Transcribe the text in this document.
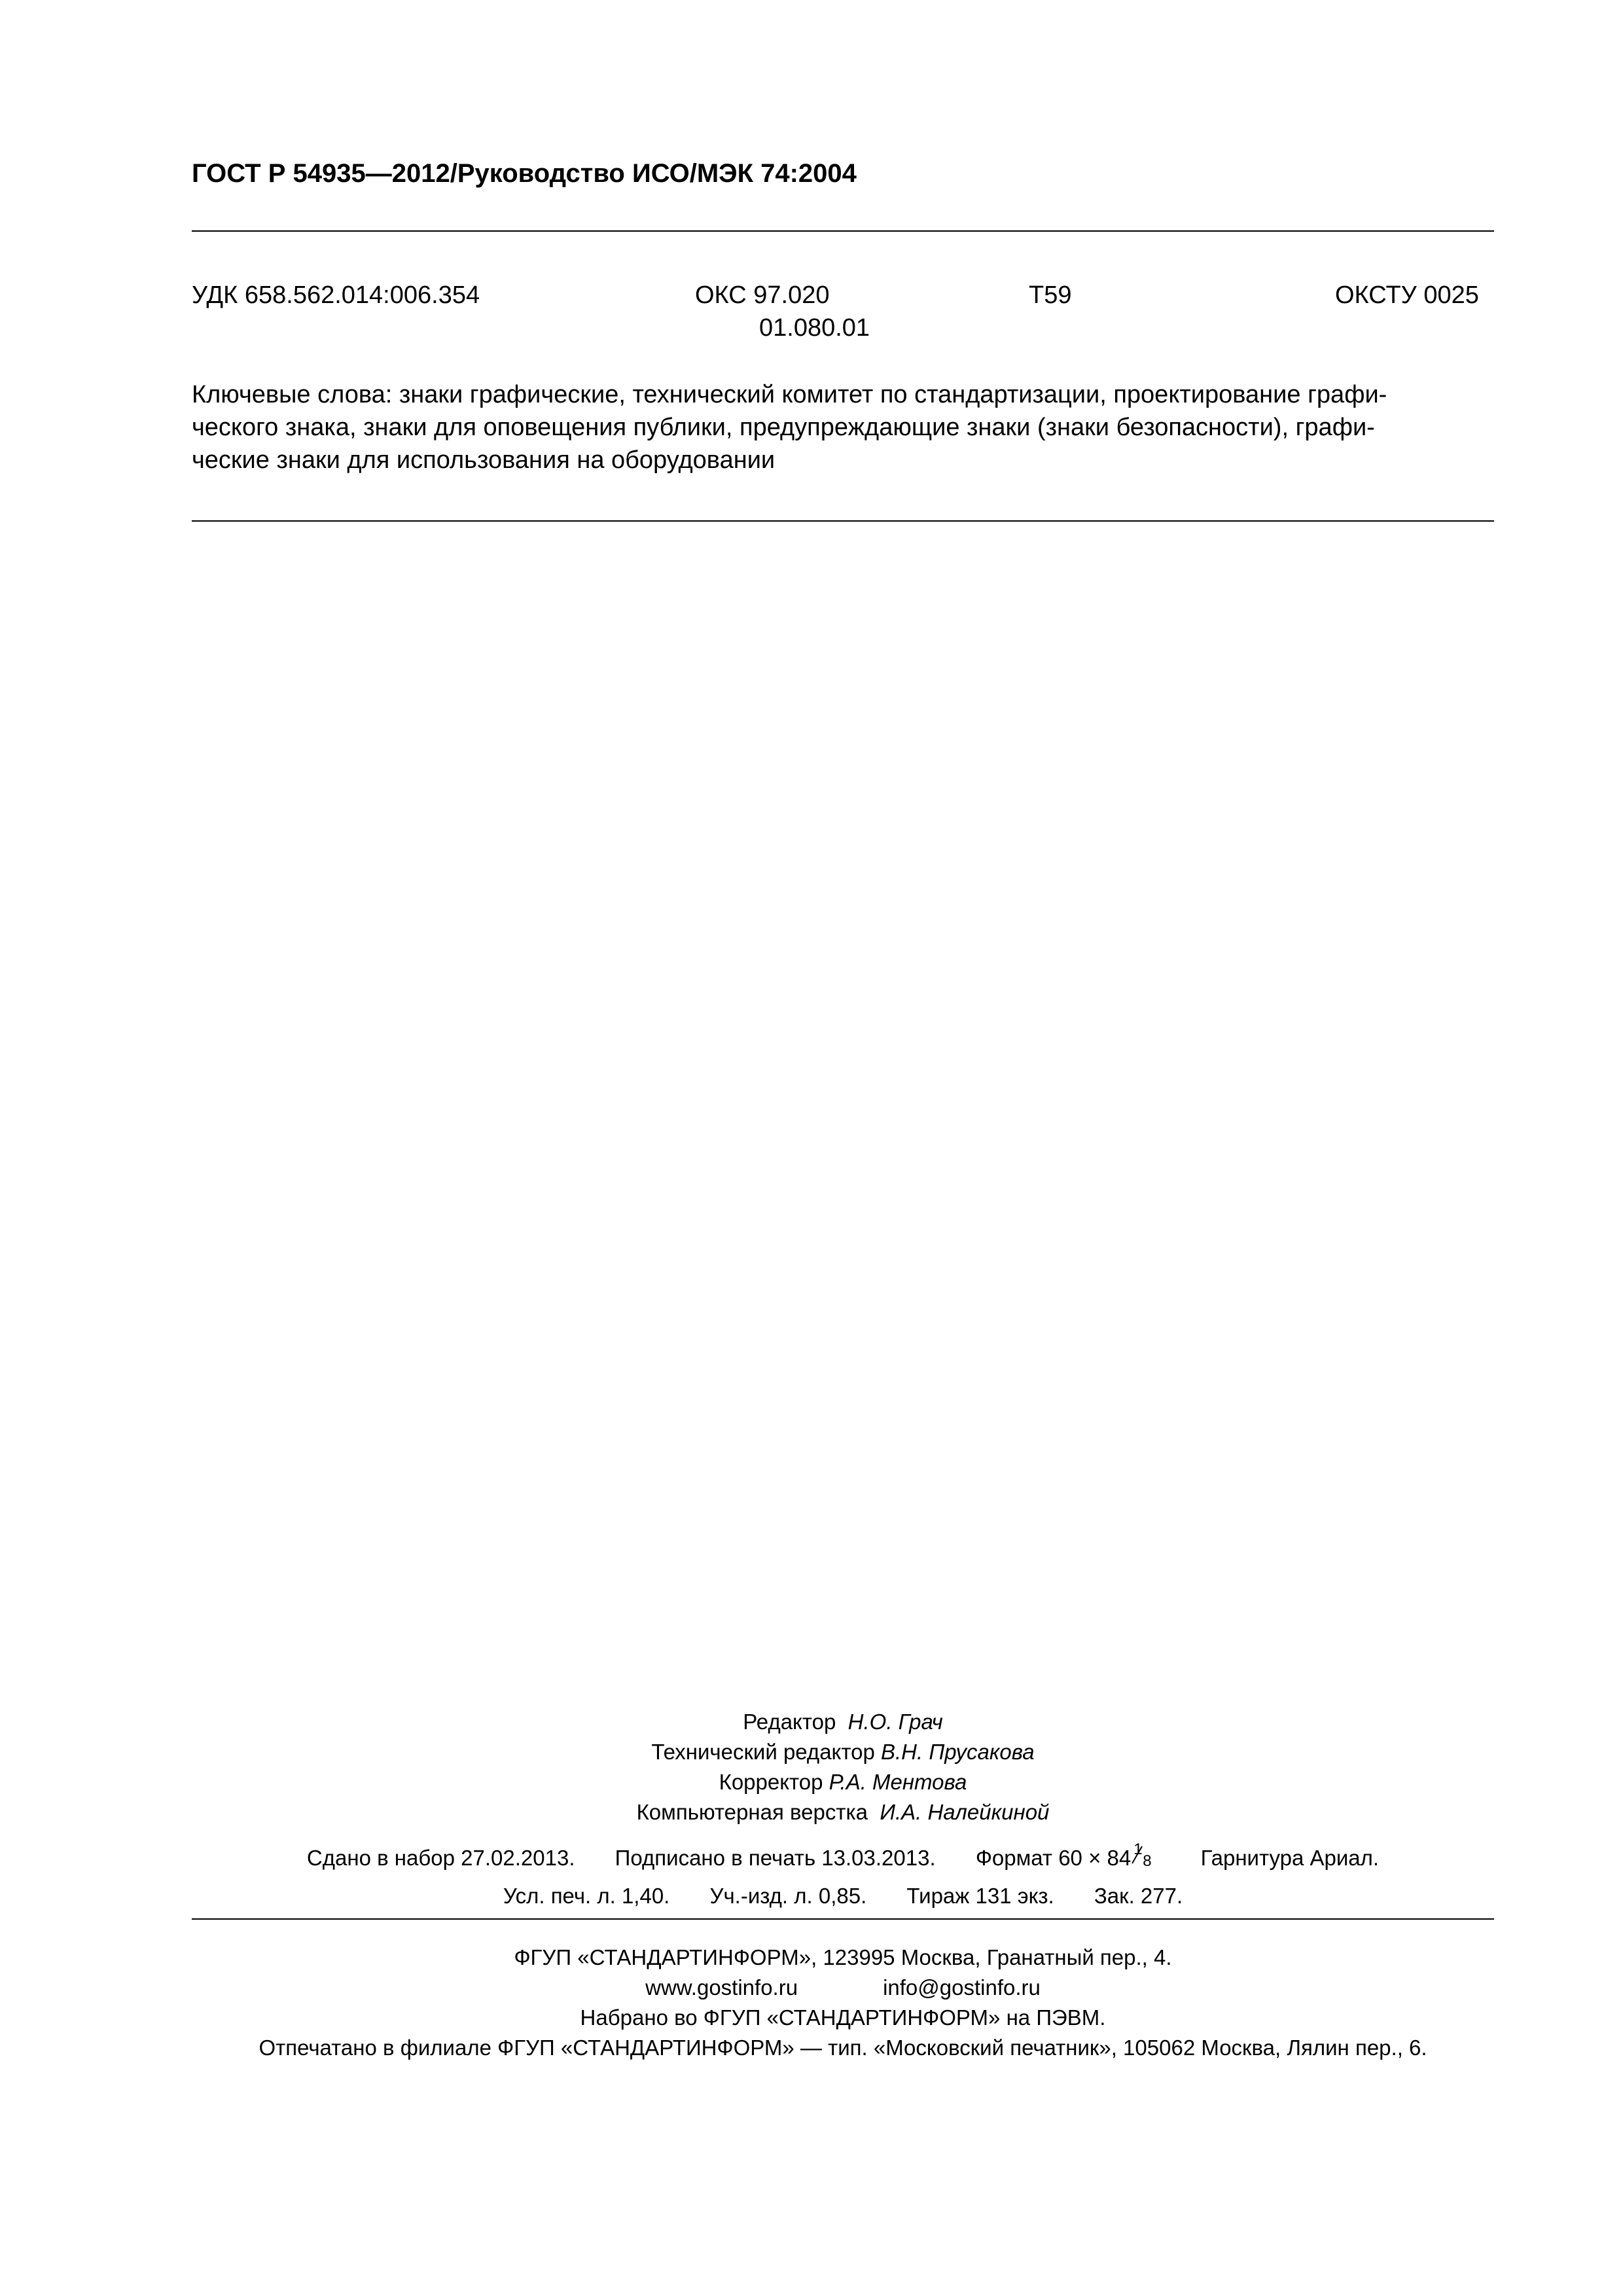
ГОСТ Р 54935—2012/Руководство ИСО/МЭК 74:2004
УДК 658.562.014:006.354	ОКС 97.020
01.080.01
Т59	ОКСТУ 0025
Ключевые слова: знаки графические, технический комитет по стандартизации, проектирование графи-
ческого знака, знаки для оповещения публики, предупреждающие знаки (знаки безопасности), графи-
ческие знаки для использования на оборудовании
Редактор Н.О. Грач
Технический редактор В.Н. Прусакова
Корректор Р.А. Ментова
Компьютерная верстка И.А. Налейкиной
Сдано в набор 27.02.2013. Подписано в печать 13.03.2013. Формат 60 × 84 1
8 Гарнитура Ариал.
Усл. печ. л. 1,40. Уч.-изд. л. 0,85. Тираж 131 экз. Зак. 277.
ФГУП «СТАНДАРТИНФОРМ», 123995 Москва, Гранатный пер., 4.
www.gostinfo.ru	info@gostinfo.ru
Набрано во ФГУП «СТАНДАРТИНФОРМ» на ПЭВМ.
Отпечатано в филиале ФГУП «СТАНДАРТИНФОРМ» — тип. «Московский печатник», 105062 Москва, Лялин пер., 6.
